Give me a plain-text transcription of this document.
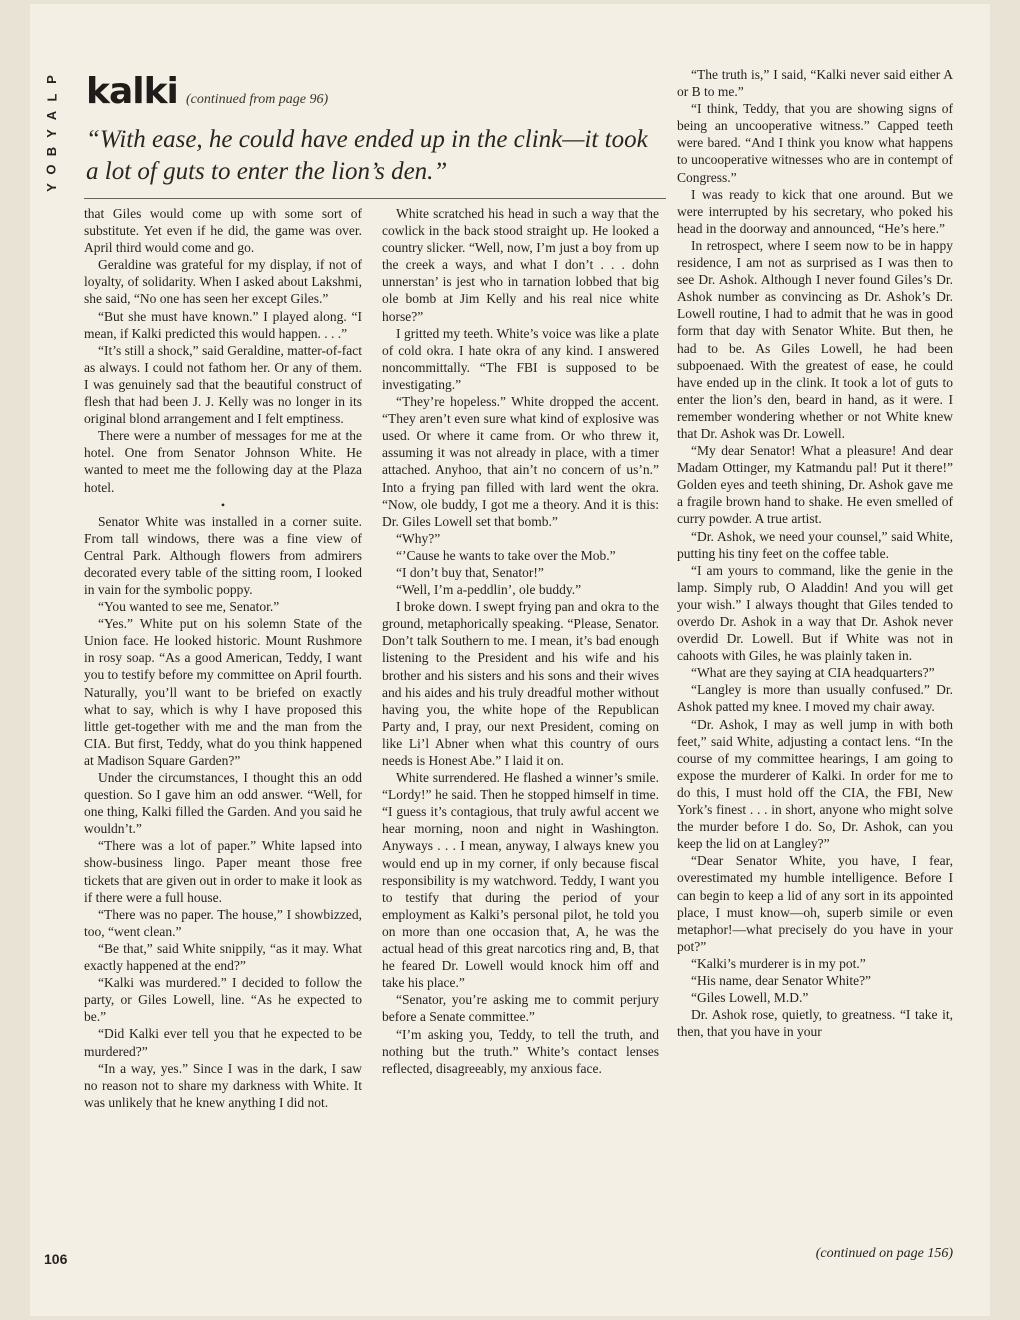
P
L
A
Y
B
O
Y
kalki (continued from page 96)
“With ease, he could have ended up in the clink—it took a lot of guts to enter the lion’s den.”

that Giles would come up with some sort of substitute. Yet even if he did, the game was over. April third would come and go.

Geraldine was grateful for my display, if not of loyalty, of solidarity. When I asked about Lakshmi, she said, “No one has seen her except Giles.”

“But she must have known.” I played along. “I mean, if Kalki predicted this would happen. . . .”

“It’s still a shock,” said Geraldine, matter-of-fact as always. I could not fathom her. Or any of them. I was genuinely sad that the beautiful construct of flesh that had been J. J. Kelly was no longer in its original blond arrangement and I felt emptiness.

There were a number of messages for me at the hotel. One from Senator Johnson White. He wanted to meet me the following day at the Plaza hotel.

•

Senator White was installed in a corner suite. From tall windows, there was a fine view of Central Park. Although flowers from admirers decorated every table of the sitting room, I looked in vain for the symbolic poppy.

“You wanted to see me, Senator.”

“Yes.” White put on his solemn State of the Union face. He looked historic. Mount Rushmore in rosy soap. “As a good American, Teddy, I want you to testify before my committee on April fourth. Naturally, you’ll want to be briefed on exactly what to say, which is why I have proposed this little get-together with me and the man from the CIA. But first, Teddy, what do you think happened at Madison Square Garden?”

Under the circumstances, I thought this an odd question. So I gave him an odd answer. “Well, for one thing, Kalki filled the Garden. And you said he wouldn’t.”

“There was a lot of paper.” White lapsed into show-business lingo. Paper meant those free tickets that are given out in order to make it look as if there were a full house.

“There was no paper. The house,” I showbizzed, too, “went clean.”

“Be that,” said White snippily, “as it may. What exactly happened at the end?”

“Kalki was murdered.” I decided to follow the party, or Giles Lowell, line. “As he expected to be.”

“Did Kalki ever tell you that he expected to be murdered?”

“In a way, yes.” Since I was in the dark, I saw no reason not to share my darkness with White. It was unlikely that he knew anything I did not.

White scratched his head in such a way that the cowlick in the back stood straight up. He looked a country slicker. “Well, now, I’m just a boy from up the creek a ways, and what I don’t . . . dohn unnerstan’ is jest who in tarnation lobbed that big ole bomb at Jim Kelly and his real nice white horse?”

I gritted my teeth. White’s voice was like a plate of cold okra. I hate okra of any kind. I answered noncommittally. “The FBI is supposed to be investigating.”

“They’re hopeless.” White dropped the accent. “They aren’t even sure what kind of explosive was used. Or where it came from. Or who threw it, assuming it was not already in place, with a timer attached. Anyhoo, that ain’t no concern of us’n.” Into a frying pan filled with lard went the okra. “Now, ole buddy, I got me a theory. And it is this: Dr. Giles Lowell set that bomb.”

“Why?”

“’Cause he wants to take over the Mob.”

“I don’t buy that, Senator!”

“Well, I’m a-peddlin’, ole buddy.”

I broke down. I swept frying pan and okra to the ground, metaphorically speaking. “Please, Senator. Don’t talk Southern to me. I mean, it’s bad enough listening to the President and his wife and his brother and his sisters and his sons and their wives and his aides and his truly dreadful mother without having you, the white hope of the Republican Party and, I pray, our next President, coming on like Li’l Abner when what this country of ours needs is Honest Abe.” I laid it on.

White surrendered. He flashed a winner’s smile. “Lordy!” he said. Then he stopped himself in time. “I guess it’s contagious, that truly awful accent we hear morning, noon and night in Washington. Anyways . . . I mean, anyway, I always knew you would end up in my corner, if only because fiscal responsibility is my watchword. Teddy, I want you to testify that during the period of your employment as Kalki’s personal pilot, he told you on more than one occasion that, A, he was the actual head of this great narcotics ring and, B, that he feared Dr. Lowell would knock him off and take his place.”

“Senator, you’re asking me to commit perjury before a Senate committee.”

“I’m asking you, Teddy, to tell the truth, and nothing but the truth.” White’s contact lenses reflected, disagreeably, my anxious face.

“The truth is,” I said, “Kalki never said either A or B to me.”

“I think, Teddy, that you are showing signs of being an uncooperative witness.” Capped teeth were bared. “And I think you know what happens to uncooperative witnesses who are in contempt of Congress.”

I was ready to kick that one around. But we were interrupted by his secretary, who poked his head in the doorway and announced, “He’s here.”

In retrospect, where I seem now to be in happy residence, I am not as surprised as I was then to see Dr. Ashok. Although I never found Giles’s Dr. Ashok number as convincing as Dr. Ashok’s Dr. Lowell routine, I had to admit that he was in good form that day with Senator White. But then, he had to be. As Giles Lowell, he had been subpoenaed. With the greatest of ease, he could have ended up in the clink. It took a lot of guts to enter the lion’s den, beard in hand, as it were. I remember wondering whether or not White knew that Dr. Ashok was Dr. Lowell.

“My dear Senator! What a pleasure! And dear Madam Ottinger, my Katmandu pal! Put it there!” Golden eyes and teeth shining, Dr. Ashok gave me a fragile brown hand to shake. He even smelled of curry powder. A true artist.

“Dr. Ashok, we need your counsel,” said White, putting his tiny feet on the coffee table.

“I am yours to command, like the genie in the lamp. Simply rub, O Aladdin! And you will get your wish.” I always thought that Giles tended to overdo Dr. Ashok in a way that Dr. Ashok never overdid Dr. Lowell. But if White was not in cahoots with Giles, he was plainly taken in.

“What are they saying at CIA headquarters?”

“Langley is more than usually confused.” Dr. Ashok patted my knee. I moved my chair away.

“Dr. Ashok, I may as well jump in with both feet,” said White, adjusting a contact lens. “In the course of my committee hearings, I am going to expose the murderer of Kalki. In order for me to do this, I must hold off the CIA, the FBI, New York’s finest . . . in short, anyone who might solve the murder before I do. So, Dr. Ashok, can you keep the lid on at Langley?”

“Dear Senator White, you have, I fear, overestimated my humble intelligence. Before I can begin to keep a lid of any sort in its appointed place, I must know—oh, superb simile or even metaphor!—what precisely do you have in your pot?”

“Kalki’s murderer is in my pot.”

“His name, dear Senator White?”

“Giles Lowell, M.D.”

Dr. Ashok rose, quietly, to greatness. “I take it, then, that you have in your

(continued on page 156)
106
